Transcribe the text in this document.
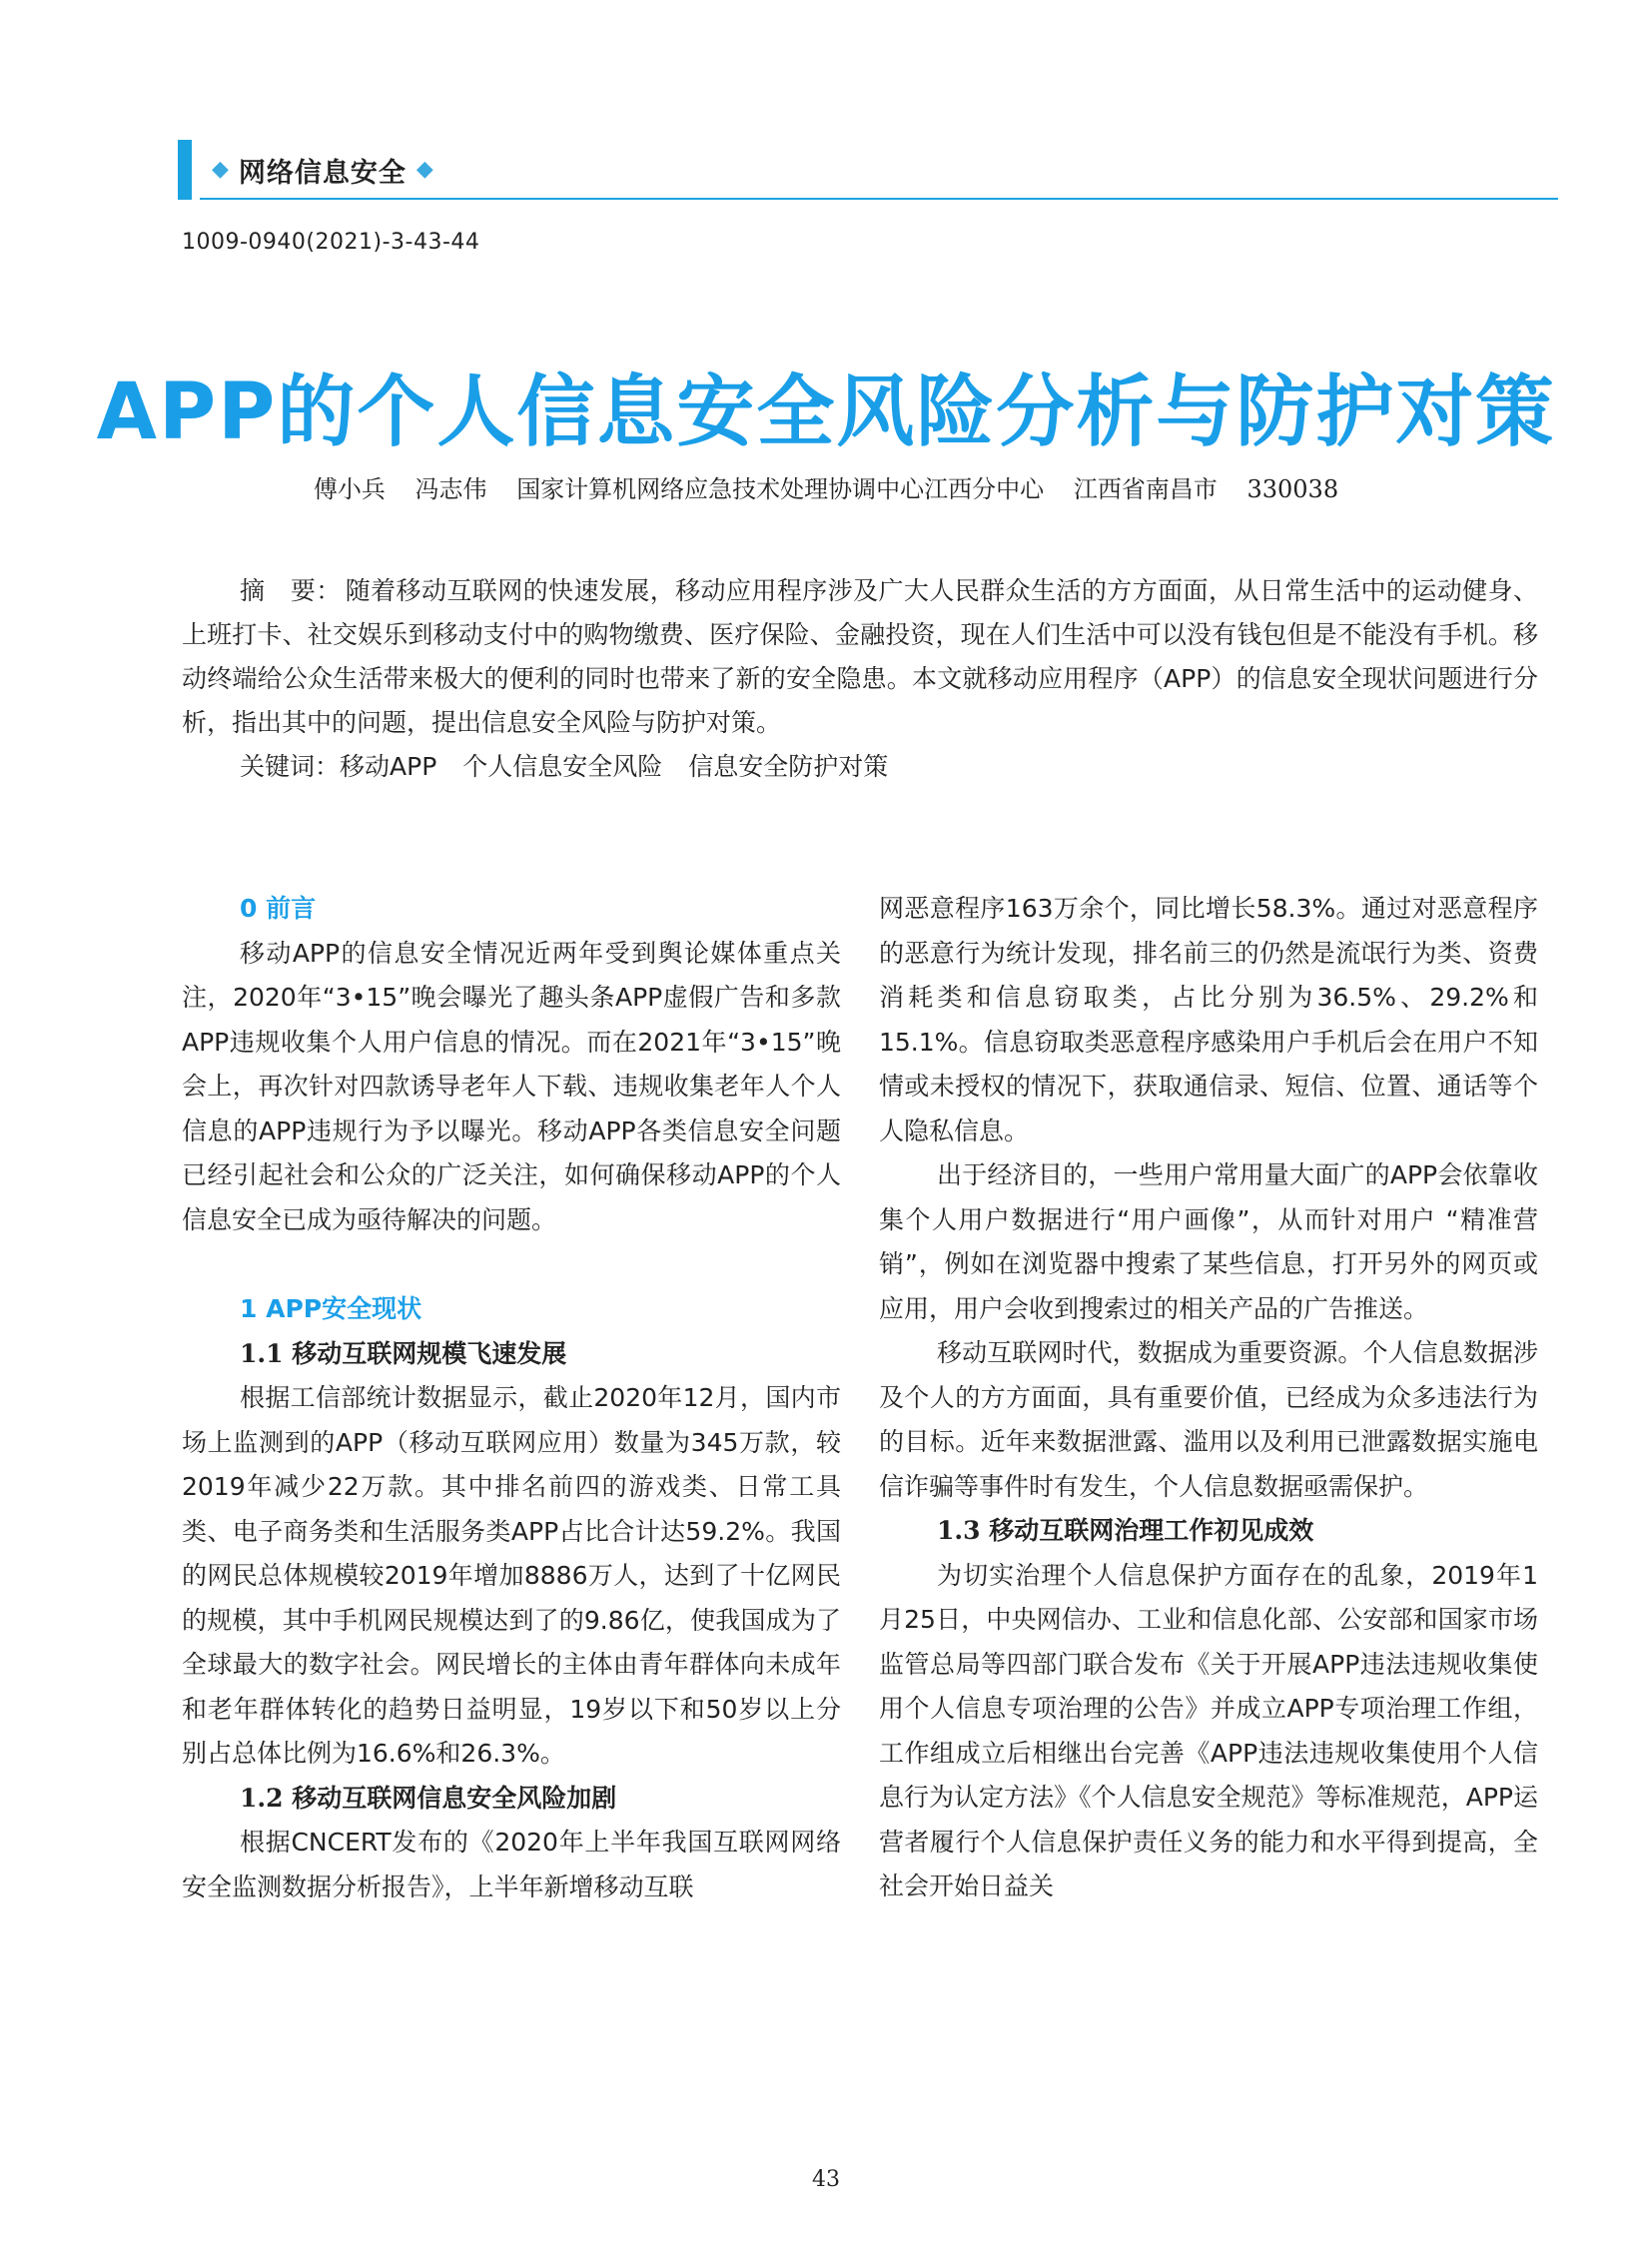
◆ 网络信息安全 ◆
1009-0940(2021)-3-43-44
APP的个人信息安全风险分析与防护对策
傅小兵 冯志伟 国家计算机网络应急技术处理协调中心江西分中心 江西省南昌市 330038

摘　要： 随着移动互联网的快速发展，移动应用程序涉及广大人民群众生活的方方面面，从日常生活中的运动健身、上班打卡、社交娱乐到移动支付中的购物缴费、医疗保险、金融投资，现在人们生活中可以没有钱包但是不能没有手机。移动终端给公众生活带来极大的便利的同时也带来了新的安全隐患。本文就移动应用程序（APP）的信息安全现状问题进行分析，指出其中的问题，提出信息安全风险与防护对策。

关键词：移动APP 个人信息安全风险 信息安全防护对策

0 前言

移动APP的信息安全情况近两年受到舆论媒体重点关注，2020年“3•15”晚会曝光了趣头条APP虚假广告和多款APP违规收集个人用户信息的情况。而在2021年“3•15”晚会上，再次针对四款诱导老年人下载、违规收集老年人个人信息的APP违规行为予以曝光。移动APP各类信息安全问题已经引起社会和公众的广泛关注，如何确保移动APP的个人信息安全已成为亟待解决的问题。

1 APP安全现状

1.1 移动互联网规模飞速发展

根据工信部统计数据显示，截止2020年12月，国内市场上监测到的APP（移动互联网应用）数量为345万款，较2019年减少22万款。其中排名前四的游戏类、日常工具类、电子商务类和生活服务类APP占比合计达59.2%。我国的网民总体规模较2019年增加8886万人，达到了十亿网民的规模，其中手机网民规模达到了的9.86亿，使我国成为了全球最大的数字社会。网民增长的主体由青年群体向未成年和老年群体转化的趋势日益明显，19岁以下和50岁以上分别占总体比例为16.6%和26.3%。

1.2 移动互联网信息安全风险加剧

根据CNCERT发布的《2020年上半年我国互联网网络安全监测数据分析报告》，上半年新增移动互联

网恶意程序163万余个，同比增长58.3%。通过对恶意程序的恶意行为统计发现，排名前三的仍然是流氓行为类、资费消耗类和信息窃取类，占比分别为36.5%、29.2%和15.1%。信息窃取类恶意程序感染用户手机后会在用户不知情或未授权的情况下，获取通信录、短信、位置、通话等个人隐私信息。

出于经济目的，一些用户常用量大面广的APP会依靠收集个人用户数据进行“用户画像”，从而针对用户 “精准营销”，例如在浏览器中搜索了某些信息，打开另外的网页或应用，用户会收到搜索过的相关产品的广告推送。

移动互联网时代，数据成为重要资源。个人信息数据涉及个人的方方面面，具有重要价值，已经成为众多违法行为的目标。近年来数据泄露、滥用以及利用已泄露数据实施电信诈骗等事件时有发生，个人信息数据亟需保护。

1.3 移动互联网治理工作初见成效

为切实治理个人信息保护方面存在的乱象，2019年1月25日，中央网信办、工业和信息化部、公安部和国家市场监管总局等四部门联合发布《关于开展APP违法违规收集使用个人信息专项治理的公告》并成立APP专项治理工作组，工作组成立后相继出台完善《APP违法违规收集使用个人信息行为认定方法》《个人信息安全规范》等标准规范，APP运营者履行个人信息保护责任义务的能力和水平得到提高，全社会开始日益关

43
